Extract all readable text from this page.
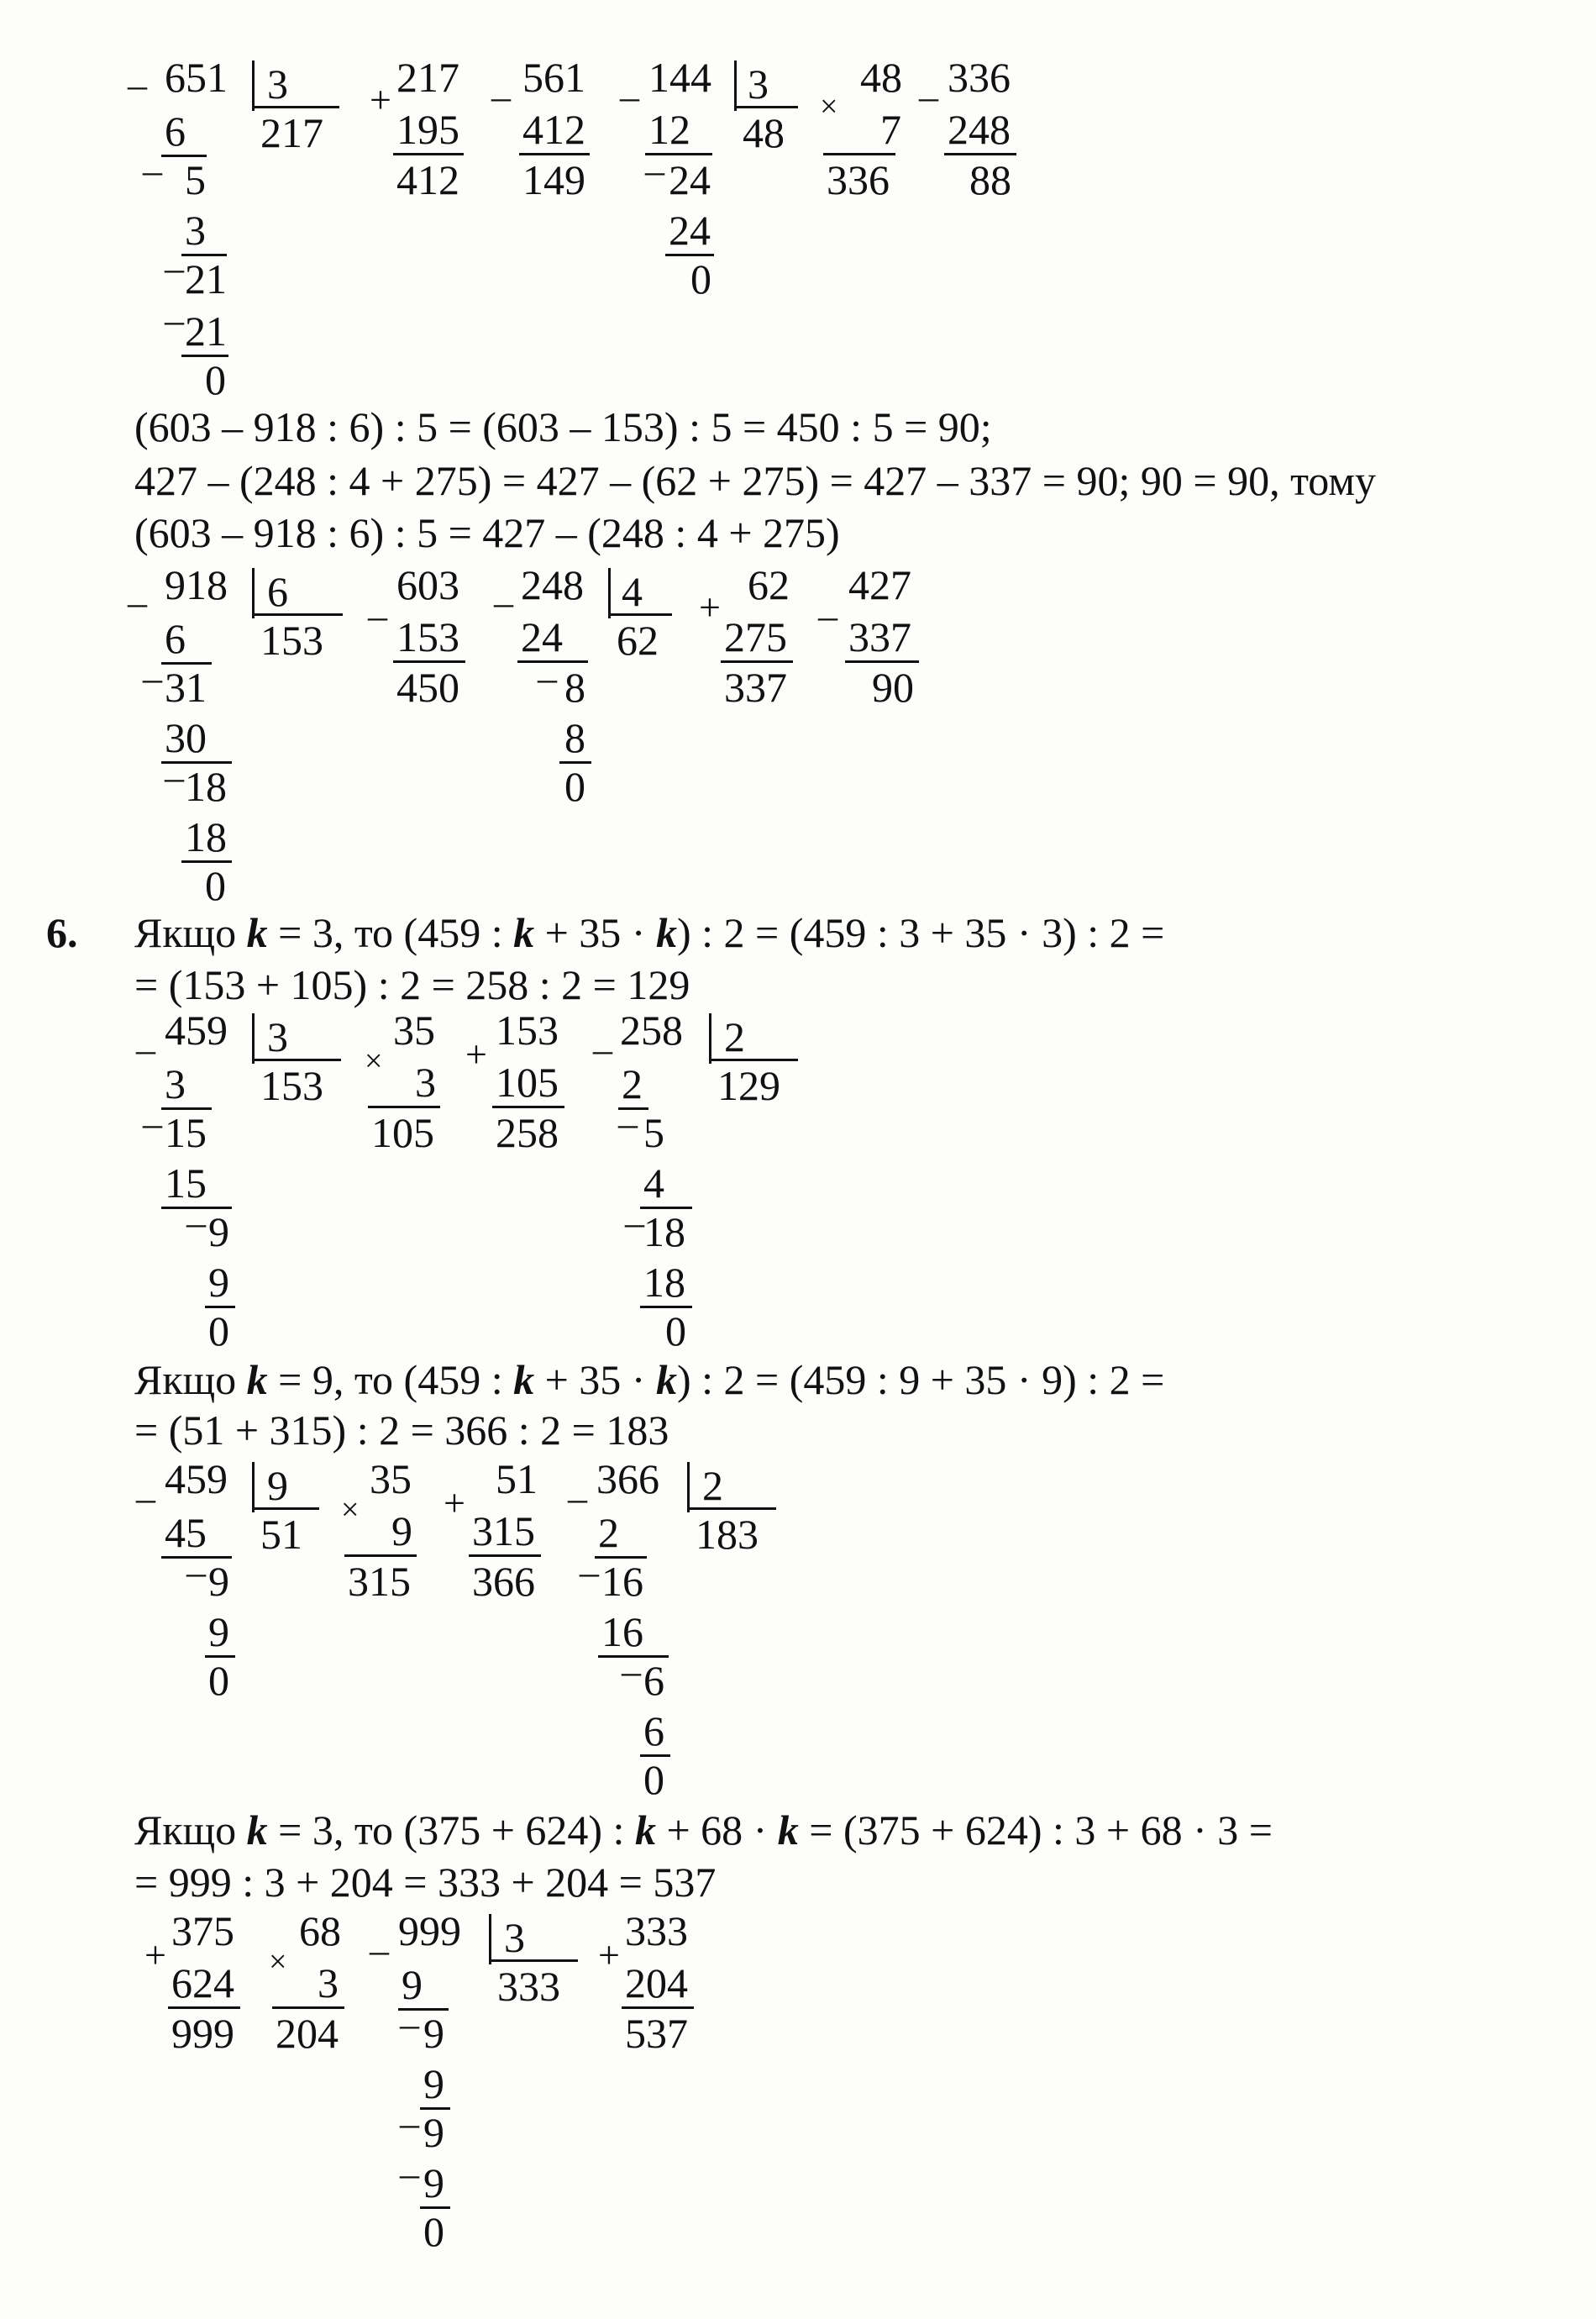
– 651 3
217
6
– 5
3
– 21
– 21
0
+ 217
195
412
– 561
412
149
– 144 3
48
12
– 24
24
0
×
48
7
336
– 336
248
88
(603 – 918 : 6) : 5 = (603 – 153) : 5 = 450 : 5 = 90;
427 – (248 : 4 + 275) = 427 – (62 + 275) = 427 – 337 = 90; 90 = 90, тому
(603 – 918 : 6) : 5 = 427 – (248 : 4 + 275)
– 918 6
153
6
– 31
30
– 18
18
0
–
603
153
450
– 248 4
62
24
– 8
8
0
+ 62
275
337
–
427
337
90
6. Якщо k = 3, то (459 : k + 35 · k) : 2 = (459 : 3 + 35 · 3) : 2 =
= (153 + 105) : 2 = 258 : 2 = 129
– 459 3
153
3
– 15
15
– 9
9
0
×
35
3
105
+
153
105
258
– 258 2
129
2
– 5
4
– 18
18
0
Якщо k = 9, то (459 : k + 35 · k) : 2 = (459 : 9 + 35 · 9) : 2 =
= (51 + 315) : 2 = 366 : 2 = 183
– 459 9
51
45
– 9
9
0
×
35
9
315
+
51
315
366
– 366 2
183
2
– 16
16
– 6
6
0
Якщо k = 3, то (375 + 624) : k + 68 · k = (375 + 624) : 3 + 68 · 3 =
= 999 : 3 + 204 = 333 + 204 = 537
+
375
624
999
×
68
3
204
– 999 3
333
9
– 9
9
– 9
– 9
0
+
333
204
537
